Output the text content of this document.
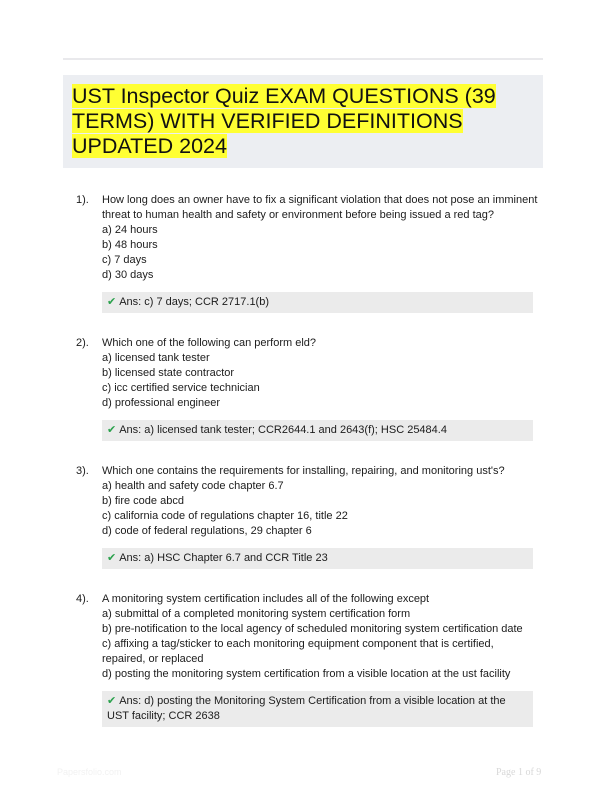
UST Inspector Quiz EXAM QUESTIONS (39 TERMS) WITH VERIFIED DEFINITIONS UPDATED 2024
1). How long does an owner have to fix a significant violation that does not pose an imminent threat to human health and safety or environment before being issued a red tag?

a) 24 hours

b) 48 hours

c) 7 days

d) 30 days

✔ Ans: c) 7 days; CCR 2717.1(b)
2). Which one of the following can perform eld?

a) licensed tank tester

b) licensed state contractor

c) icc certified service technician

d) professional engineer

✔ Ans: a) licensed tank tester; CCR2644.1 and 2643(f); HSC 25484.4
3). Which one contains the requirements for installing, repairing, and monitoring ust's?

a) health and safety code chapter 6.7

b) fire code abcd

c) california code of regulations chapter 16, title 22

d) code of federal regulations, 29 chapter 6

✔ Ans: a) HSC Chapter 6.7 and CCR Title 23
4). A monitoring system certification includes all of the following except

a) submittal of a completed monitoring system certification form

b) pre-notification to the local agency of scheduled monitoring system certification date

c) affixing a tag/sticker to each monitoring equipment component that is certified, repaired, or replaced

d) posting the monitoring system certification from a visible location at the ust facility

✔ Ans: d) posting the Monitoring System Certification from a visible location at the UST facility; CCR 2638
Papersfolio.com	Page 1 of 9
